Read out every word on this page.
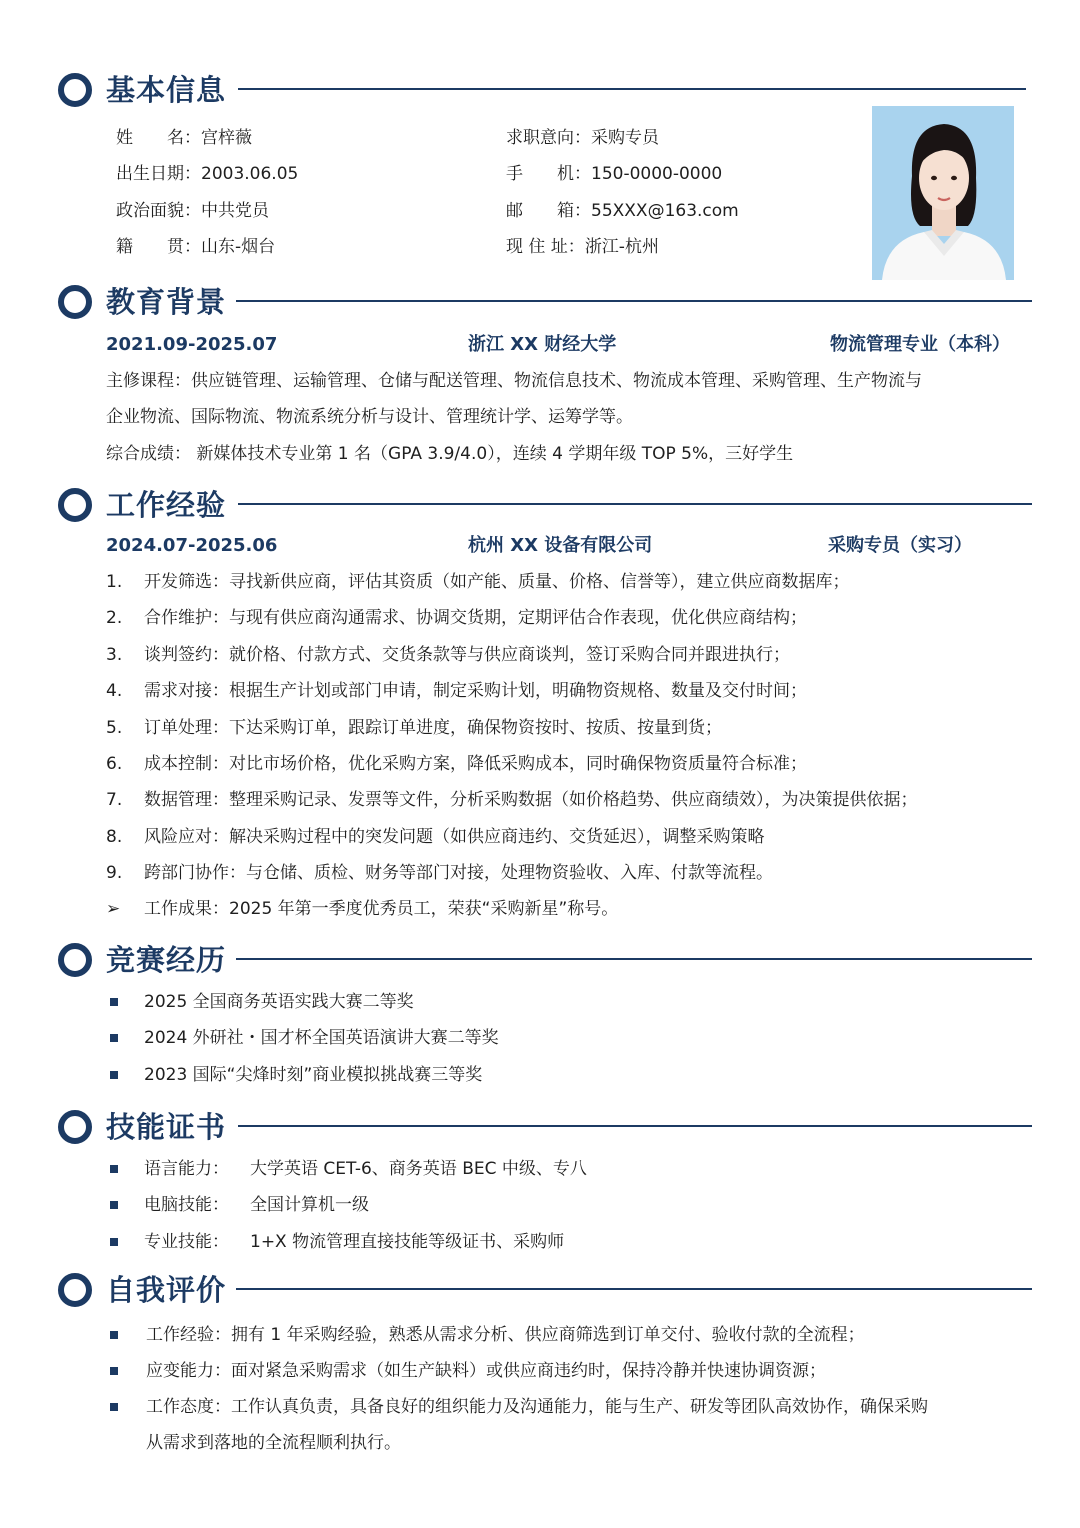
基本信息
姓　　名：宫梓薇
出生日期：2003.06.05
政治面貌：中共党员
籍　　贯：山东-烟台
求职意向：采购专员
手　　机：150-0000-0000
邮　　箱：55XXX@163.com
现 住 址：浙江-杭州
教育背景
2021.09-2025.07	浙江 XX 财经大学	物流管理专业（本科）
主修课程：供应链管理、运输管理、仓储与配送管理、物流信息技术、物流成本管理、采购管理、生产物流与
企业物流、国际物流、物流系统分析与设计、管理统计学、运筹学等。
综合成绩： 新媒体技术专业第 1 名（GPA 3.9/4.0），连续 4 学期年级 TOP 5%，三好学生
工作经验
2024.07-2025.06	杭州 XX 设备有限公司	采购专员（实习）
1. 开发筛选：寻找新供应商，评估其资质（如产能、质量、价格、信誉等），建立供应商数据库；
2. 合作维护：与现有供应商沟通需求、协调交货期，定期评估合作表现，优化供应商结构；
3. 谈判签约：就价格、付款方式、交货条款等与供应商谈判，签订采购合同并跟进执行；
4. 需求对接：根据生产计划或部门申请，制定采购计划，明确物资规格、数量及交付时间；
5. 订单处理：下达采购订单，跟踪订单进度，确保物资按时、按质、按量到货；
6. 成本控制：对比市场价格，优化采购方案，降低采购成本，同时确保物资质量符合标准；
7. 数据管理：整理采购记录、发票等文件，分析采购数据（如价格趋势、供应商绩效），为决策提供依据；
8. 风险应对：解决采购过程中的突发问题（如供应商违约、交货延迟），调整采购策略
9. 跨部门协作：与仓储、质检、财务等部门对接，处理物资验收、入库、付款等流程。
➢ 工作成果：2025 年第一季度优秀员工，荣获“采购新星”称号。
竞赛经历
2025 全国商务英语实践大赛二等奖
2024 外研社・国才杯全国英语演讲大赛二等奖
2023 国际“尖烽时刻”商业模拟挑战赛三等奖
技能证书
语言能力： 大学英语 CET-6、商务英语 BEC 中级、专八
电脑技能： 全国计算机一级
专业技能： 1+X 物流管理直接技能等级证书、采购师
自我评价
工作经验：拥有 1 年采购经验，熟悉从需求分析、供应商筛选到订单交付、验收付款的全流程；
应变能力：面对紧急采购需求（如生产缺料）或供应商违约时，保持冷静并快速协调资源；
工作态度：工作认真负责，具备良好的组织能力及沟通能力，能与生产、研发等团队高效协作，确保采购
从需求到落地的全流程顺利执行。
